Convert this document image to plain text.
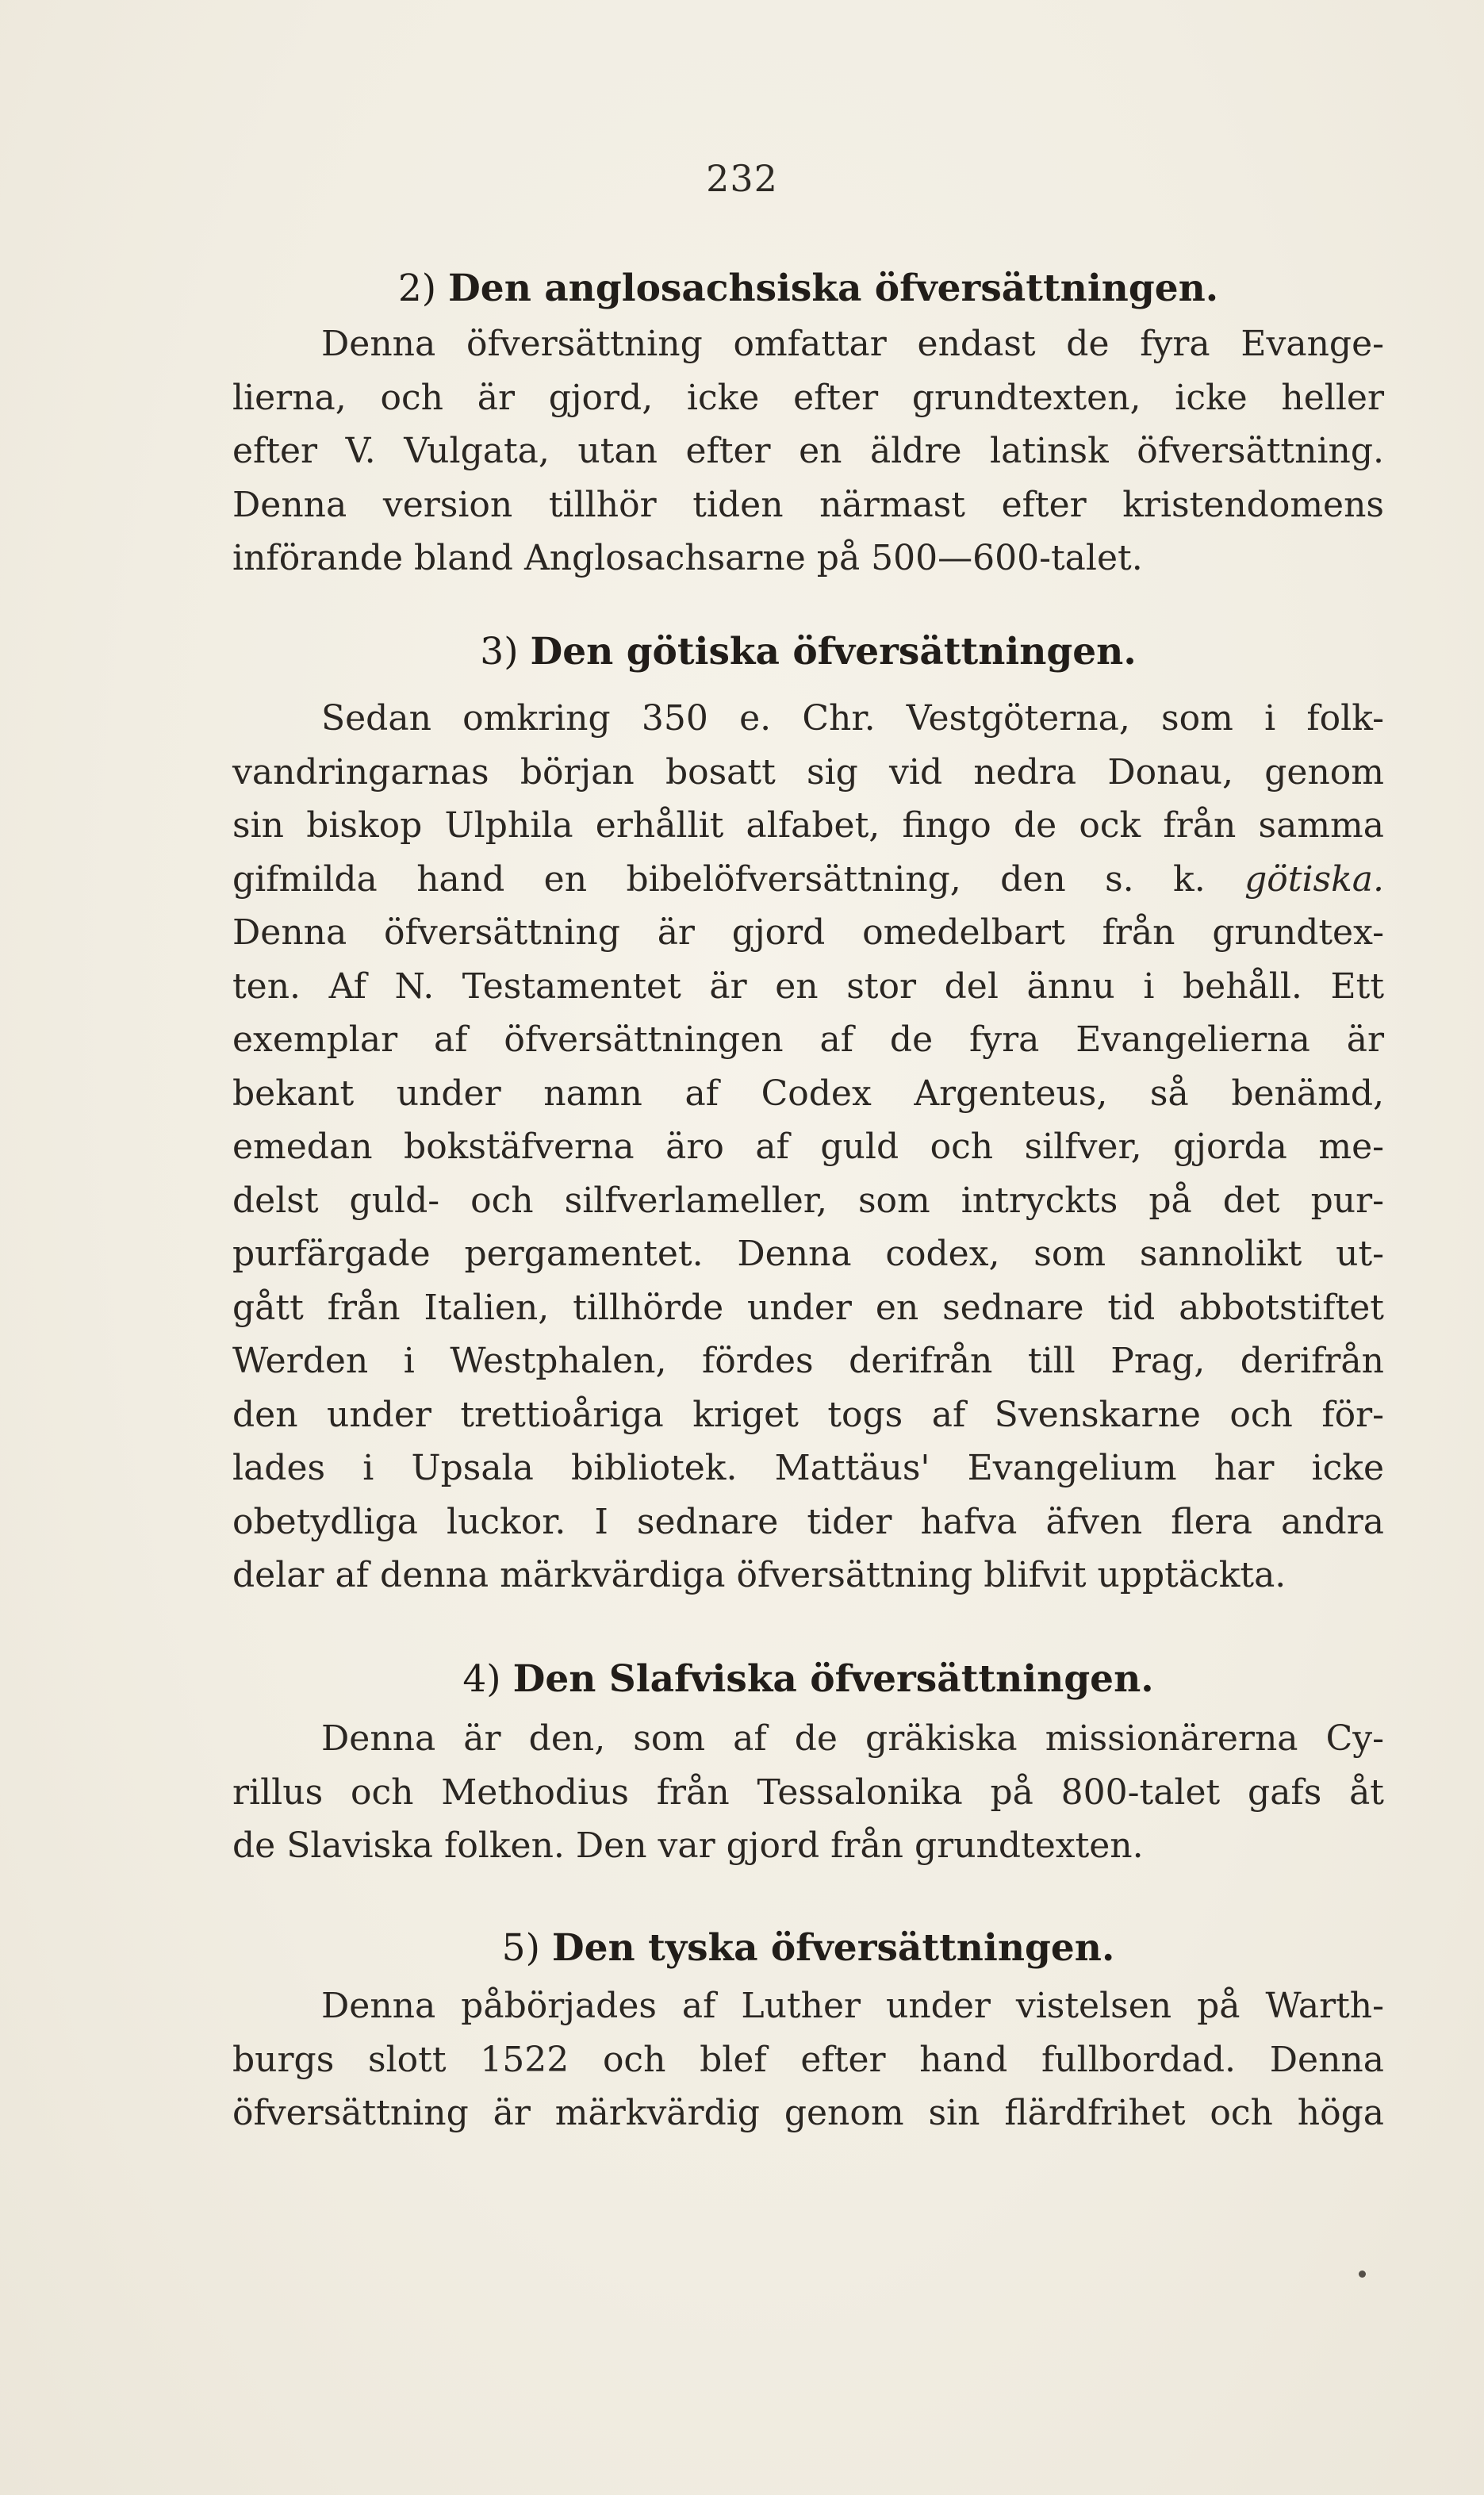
232
2) Den anglosachsiska öfversättningen.
Denna öfversättning omfattar endast de fyra Evange-
lierna, och är gjord, icke efter grundtexten, icke heller
efter V. Vulgata, utan efter en äldre latinsk öfversättning.
Denna version tillhör tiden närmast efter kristendomens
införande bland Anglosachsarne på 500—600-talet.
3) Den götiska öfversättningen.
Sedan omkring 350 e. Chr. Vestgöterna, som i folk-
vandringarnas början bosatt sig vid nedra Donau, genom
sin biskop Ulphila erhållit alfabet, fingo de ock från samma
gifmilda hand en bibelöfversättning, den s. k. götiska.
Denna öfversättning är gjord omedelbart från grundtex-
ten. Af N. Testamentet är en stor del ännu i behåll. Ett
exemplar af öfversättningen af de fyra Evangelierna är
bekant under namn af Codex Argenteus, så benämd,
emedan bokstäfverna äro af guld och silfver, gjorda me-
delst guld- och silfverlameller, som intryckts på det pur-
purfärgade pergamentet. Denna codex, som sannolikt ut-
gått från Italien, tillhörde under en sednare tid abbotstiftet
Werden i Westphalen, fördes derifrån till Prag, derifrån
den under trettioåriga kriget togs af Svenskarne och för-
lades i Upsala bibliotek. Mattäus' Evangelium har icke
obetydliga luckor. I sednare tider hafva äfven flera andra
delar af denna märkvärdiga öfversättning blifvit upptäckta.
4) Den Slafviska öfversättningen.
Denna är den, som af de gräkiska missionärerna Cy-
rillus och Methodius från Tessalonika på 800-talet gafs åt
de Slaviska folken. Den var gjord från grundtexten.
5) Den tyska öfversättningen.
Denna påbörjades af Luther under vistelsen på Warth-
burgs slott 1522 och blef efter hand fullbordad. Denna
öfversättning är märkvärdig genom sin flärdfrihet och höga
